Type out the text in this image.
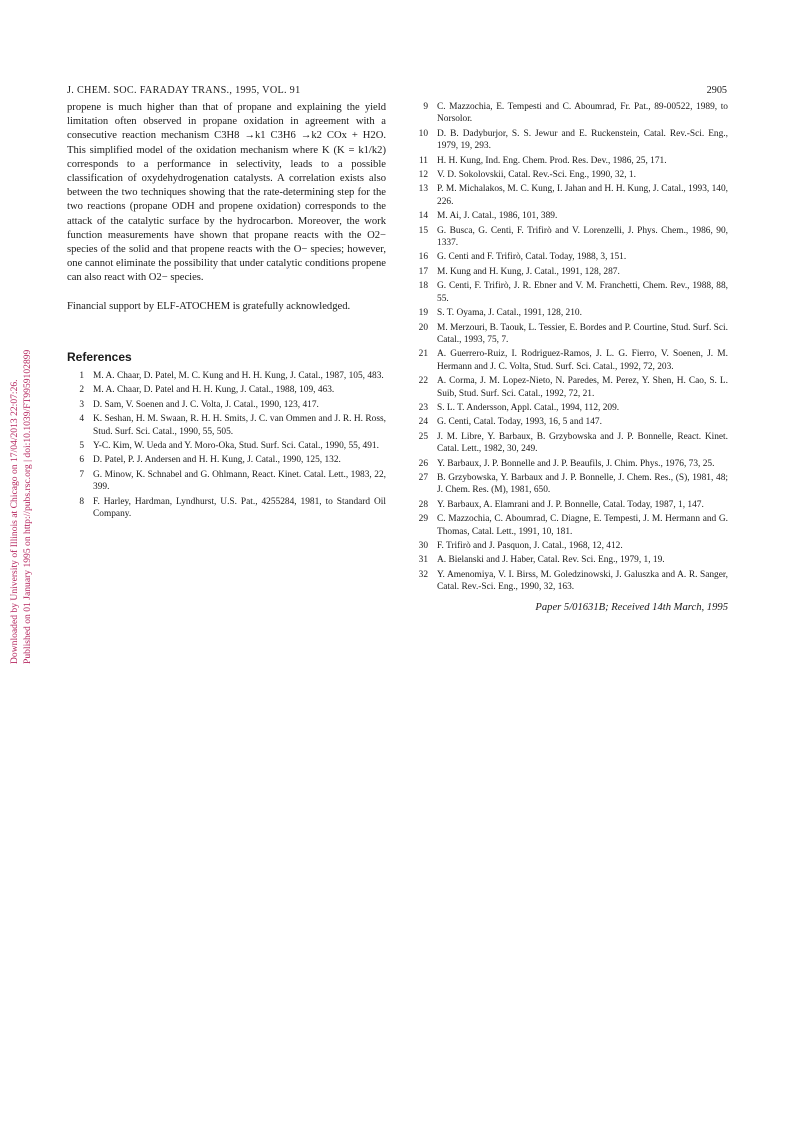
Downloaded by University of Illinois at Chicago on 17/04/2013 22:07:26. Published on 01 January 1995 on http://pubs.rsc.org | doi:10.1039/FT9959102899
J. CHEM. SOC. FARADAY TRANS., 1995, VOL. 91	2905

propene is much higher than that of propane and explaining the yield limitation often observed in propane oxidation in agreement with a consecutive reaction mechanism C3H8 →k1 C3H6 →k2 COx + H2O. This simplified model of the oxidation mechanism where K (K = k1/k2) corresponds to a performance in selectivity, leads to a possible classification of oxydehydrogenation catalysts. A correlation exists also between the two techniques showing that the rate-determining step for the two reactions (propane ODH and propene oxidation) corresponds to the attack of the catalytic surface by the hydrocarbon. Moreover, the work function measurements have shown that propane reacts with the O2− species of the solid and that propene reacts with the O− species; however, one cannot eliminate the possibility that under catalytic conditions propene can also react with O2− species.

Financial support by ELF-ATOCHEM is gratefully acknowledged.

References
1 M. A. Chaar, D. Patel, M. C. Kung and H. H. Kung, J. Catal., 1987, 105, 483.
2 M. A. Chaar, D. Patel and H. H. Kung, J. Catal., 1988, 109, 463.
3 D. Sam, V. Soenen and J. C. Volta, J. Catal., 1990, 123, 417.
4 K. Seshan, H. M. Swaan, R. H. H. Smits, J. C. van Ommen and J. R. H. Ross, Stud. Surf. Sci. Catal., 1990, 55, 505.
5 Y-C. Kim, W. Ueda and Y. Moro-Oka, Stud. Surf. Sci. Catal., 1990, 55, 491.
6 D. Patel, P. J. Andersen and H. H. Kung, J. Catal., 1990, 125, 132.
7 G. Minow, K. Schnabel and G. Ohlmann, React. Kinet. Catal. Lett., 1983, 22, 399.
8 F. Harley, Hardman, Lyndhurst, U.S. Pat., 4255284, 1981, to Standard Oil Company.
9 C. Mazzochia, E. Tempesti and C. Aboumrad, Fr. Pat., 89-00522, 1989, to Norsolor.
10 D. B. Dadyburjor, S. S. Jewur and E. Ruckenstein, Catal. Rev.-Sci. Eng., 1979, 19, 293.
11 H. H. Kung, Ind. Eng. Chem. Prod. Res. Dev., 1986, 25, 171.
12 V. D. Sokolovskii, Catal. Rev.-Sci. Eng., 1990, 32, 1.
13 P. M. Michalakos, M. C. Kung, I. Jahan and H. H. Kung, J. Catal., 1993, 140, 226.
14 M. Ai, J. Catal., 1986, 101, 389.
15 G. Busca, G. Centi, F. Trifirò and V. Lorenzelli, J. Phys. Chem., 1986, 90, 1337.
16 G. Centi and F. Trifirò, Catal. Today, 1988, 3, 151.
17 M. Kung and H. Kung, J. Catal., 1991, 128, 287.
18 G. Centi, F. Trifirò, J. R. Ebner and V. M. Franchetti, Chem. Rev., 1988, 88, 55.
19 S. T. Oyama, J. Catal., 1991, 128, 210.
20 M. Merzouri, B. Taouk, L. Tessier, E. Bordes and P. Courtine, Stud. Surf. Sci. Catal., 1993, 75, 7.
21 A. Guerrero-Ruiz, I. Rodriguez-Ramos, J. L. G. Fierro, V. Soenen, J. M. Hermann and J. C. Volta, Stud. Surf. Sci. Catal., 1992, 72, 203.
22 A. Corma, J. M. Lopez-Nieto, N. Paredes, M. Perez, Y. Shen, H. Cao, S. L. Suib, Stud. Surf. Sci. Catal., 1992, 72, 21.
23 S. L. T. Andersson, Appl. Catal., 1994, 112, 209.
24 G. Centi, Catal. Today, 1993, 16, 5 and 147.
25 J. M. Libre, Y. Barbaux, B. Grzybowska and J. P. Bonnelle, React. Kinet. Catal. Lett., 1982, 30, 249.
26 Y. Barbaux, J. P. Bonnelle and J. P. Beaufils, J. Chim. Phys., 1976, 73, 25.
27 B. Grzybowska, Y. Barbaux and J. P. Bonnelle, J. Chem. Res., (S), 1981, 48; J. Chem. Res. (M), 1981, 650.
28 Y. Barbaux, A. Elamrani and J. P. Bonnelle, Catal. Today, 1987, 1, 147.
29 C. Mazzochia, C. Aboumrad, C. Diagne, E. Tempesti, J. M. Hermann and G. Thomas, Catal. Lett., 1991, 10, 181.
30 F. Trifirò and J. Pasquon, J. Catal., 1968, 12, 412.
31 A. Bielanski and J. Haber, Catal. Rev. Sci. Eng., 1979, 1, 19.
32 Y. Amenomiya, V. I. Birss, M. Goledzinowski, J. Galuszka and A. R. Sanger, Catal. Rev.-Sci. Eng., 1990, 32, 163.
Paper 5/01631B; Received 14th March, 1995
